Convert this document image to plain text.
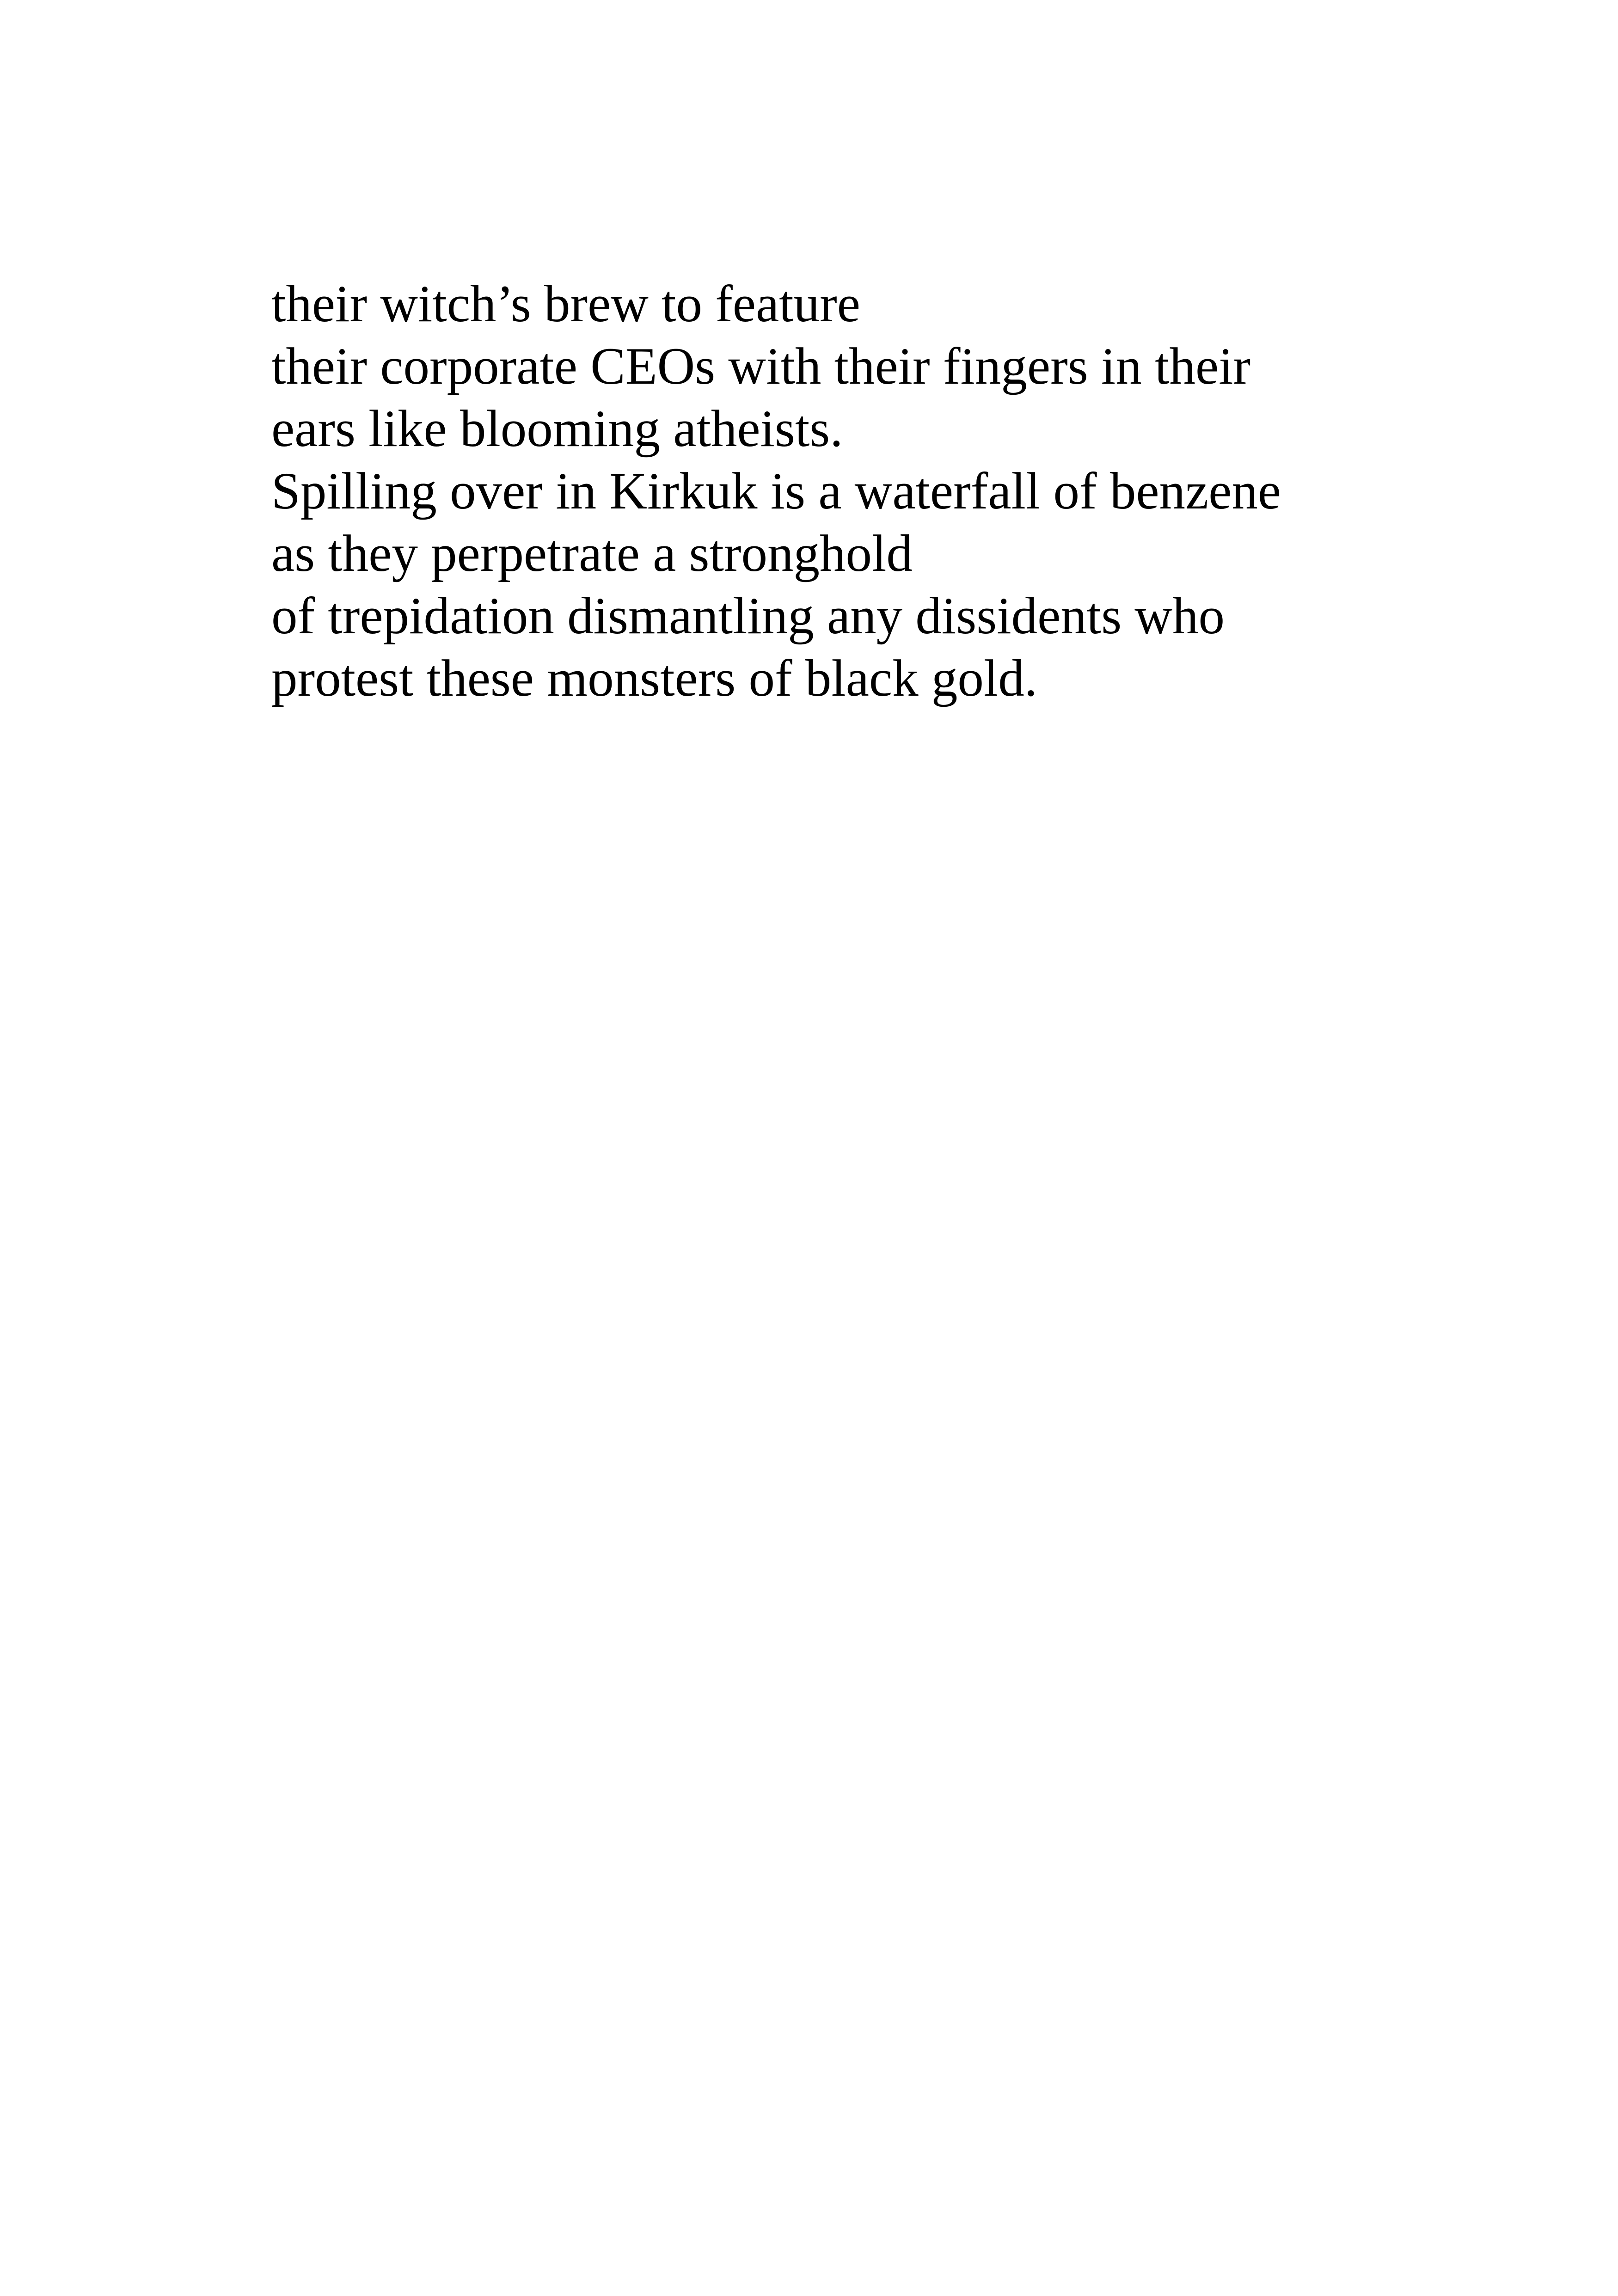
their witch’s brew to feature
their corporate CEOs with their fingers in their
ears like blooming atheists.
Spilling over in Kirkuk is a waterfall of benzene
as they perpetrate a stronghold
of trepidation dismantling any dissidents who
protest these monsters of black gold.
